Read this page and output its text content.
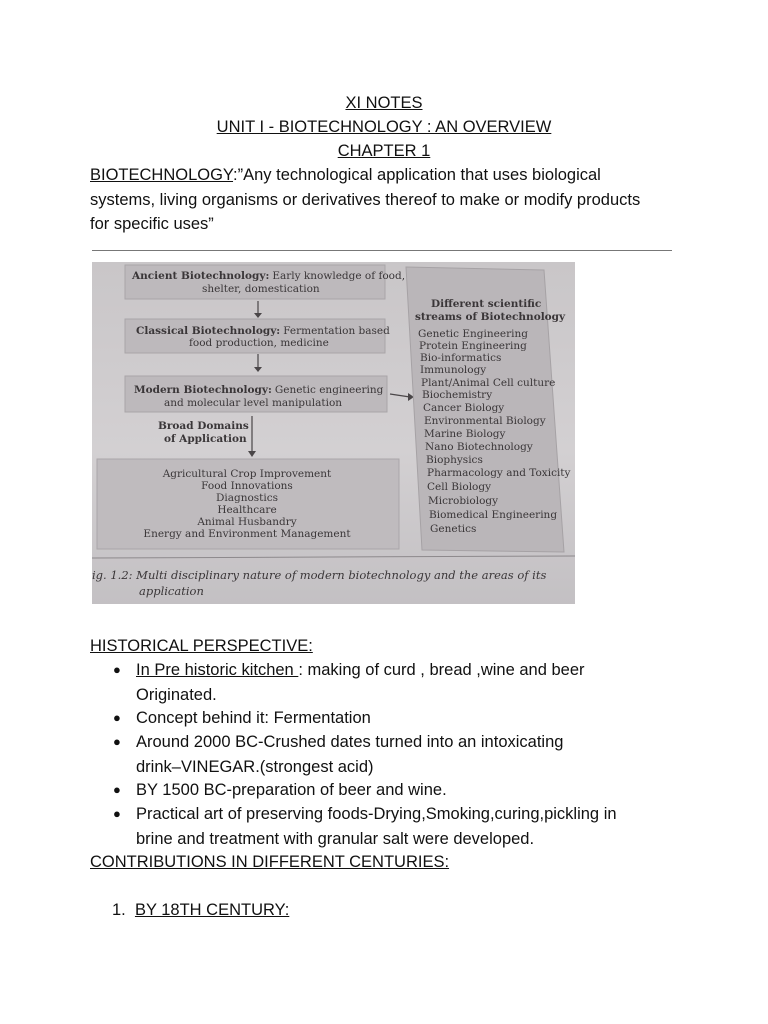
XI NOTES
UNIT I - BIOTECHNOLOGY : AN OVERVIEW
CHAPTER 1
BIOTECHNOLOGY:”Any technological application that uses biological
systems, living organisms or derivatives thereof to make or modify products
for specific uses”
Ancient Biotechnology: Early knowledge of food,
shelter, domestication
Classical Biotechnology: Fermentation based
food production, medicine
Modern Biotechnology: Genetic engineering
and molecular level manipulation
Broad Domains
of Application
Agricultural Crop Improvement
Food Innovations
Diagnostics
Healthcare
Animal Husbandry
Energy and Environment Management
Different scientific
streams of Biotechnology
Genetic Engineering
Protein Engineering
Bio-informatics
Immunology
Plant/Animal Cell culture
Biochemistry
Cancer Biology
Environmental Biology
Marine Biology
Nano Biotechnology
Biophysics
Pharmacology and Toxicity
Cell Biology
Microbiology
Biomedical Engineering
Genetics
ig. 1.2: Multi disciplinary nature of modern biotechnology and the areas of its
application
HISTORICAL PERSPECTIVE:
● In Pre historic kitchen : making of curd , bread ,wine and beer
Originated.
● Concept behind it: Fermentation
● Around 2000 BC-Crushed dates turned into an intoxicating
drink–VINEGAR.(strongest acid)
● BY 1500 BC-preparation of beer and wine.
● Practical art of preserving foods-Drying,Smoking,curing,pickling in
brine and treatment with granular salt were developed.
CONTRIBUTIONS IN DIFFERENT CENTURIES:
1. BY 18TH CENTURY:
